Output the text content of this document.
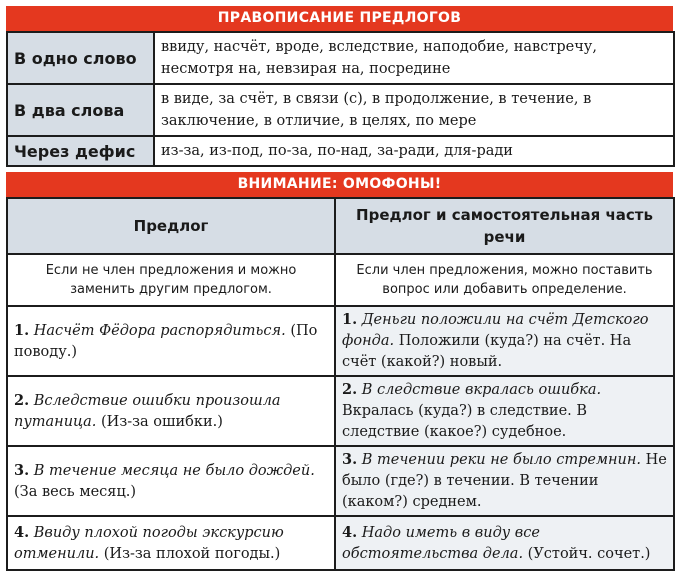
ПРАВОПИСАНИЕ ПРЕДЛОГОВ
В одно слово	ввиду, насчёт, вроде, вследствие, наподобие, навстречу, несмотря на, невзирая на, посредине
В два слова	в виде, за счёт, в связи (с), в продолжение, в течение, в заключение, в отличие, в целях, по мере
Через дефис	из-за, из-под, по-за, по-над, за-ради, для-ради
ВНИМАНИЕ: ОМОФОНЫ!
Предлог	Предлог и самостоятельная часть речи
Если не член предложения и можно заменить другим предлогом.	Если член предложения, можно поставить вопрос или добавить определение.
1. Насчёт Фёдора распорядиться. (По поводу.)	1. Деньги положили на счёт Детского фонда. Положили (куда?) на счёт. На счёт (какой?) новый.
2. Вследствие ошибки произошла путаница. (Из-за ошибки.)	2. В следствие вкралась ошибка. Вкралась (куда?) в следствие. В следствие (какое?) судебное.
3. В течение месяца не было дождей. (За весь месяц.)	3. В течении реки не было стремнин. Не было (где?) в течении. В течении (каком?) среднем.
4. Ввиду плохой погоды экскурсию отменили. (Из-за плохой погоды.)	4. Надо иметь в виду все обстоятельства дела. (Устойч. сочет.)
